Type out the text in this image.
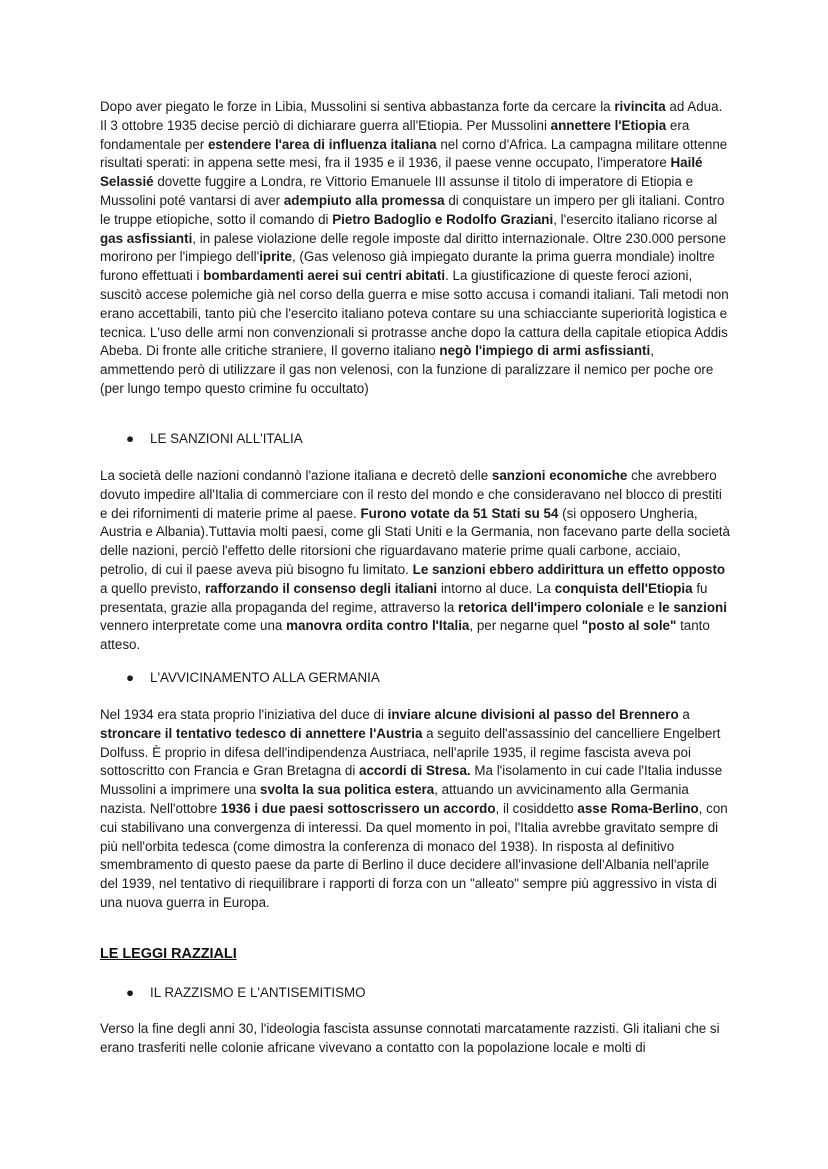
Dopo aver piegato le forze in Libia, Mussolini si sentiva abbastanza forte da cercare la rivincita ad Adua. Il 3 ottobre 1935 decise perciò di dichiarare guerra all'Etiopia. Per Mussolini annettere l'Etiopia era fondamentale per estendere l'area di influenza italiana nel corno d'Africa. La campagna militare ottenne risultati sperati: in appena sette mesi, fra il 1935 e il 1936, il paese venne occupato, l'imperatore Hailé Selassié dovette fuggire a Londra, re Vittorio Emanuele III assunse il titolo di imperatore di Etiopia e Mussolini poté vantarsi di aver adempiuto alla promessa di conquistare un impero per gli italiani. Contro le truppe etiopiche, sotto il comando di Pietro Badoglio e Rodolfo Graziani, l'esercito italiano ricorse al gas asfissianti, in palese violazione delle regole imposte dal diritto internazionale. Oltre 230.000 persone morirono per l'impiego dell'iprite, (Gas velenoso già impiegato durante la prima guerra mondiale) inoltre furono effettuati i bombardamenti aerei sui centri abitati. La giustificazione di queste feroci azioni, suscitò accese polemiche già nel corso della guerra e mise sotto accusa i comandi italiani. Tali metodi non erano accettabili, tanto più che l'esercito italiano poteva contare su una schiacciante superiorità logistica e tecnica. L'uso delle armi non convenzionali si protrasse anche dopo la cattura della capitale etiopica Addis Abeba. Di fronte alle critiche straniere, Il governo italiano negò l'impiego di armi asfissianti, ammettendo però di utilizzare il gas non velenosi, con la funzione di paralizzare il nemico per poche ore (per lungo tempo questo crimine fu occultato)

● LE SANZIONI ALL'ITALIA

La società delle nazioni condannò l'azione italiana e decretò delle sanzioni economiche che avrebbero dovuto impedire all'Italia di commerciare con il resto del mondo e che consideravano nel blocco di prestiti e dei rifornimenti di materie prime al paese. Furono votate da 51 Stati su 54 (si opposero Ungheria, Austria e Albania).Tuttavia molti paesi, come gli Stati Uniti e la Germania, non facevano parte della società delle nazioni, perciò l'effetto delle ritorsioni che riguardavano materie prime quali carbone, acciaio, petrolio, di cui il paese aveva più bisogno fu limitato. Le sanzioni ebbero addirittura un effetto opposto a quello previsto, rafforzando il consenso degli italiani intorno al duce. La conquista dell'Etiopia fu presentata, grazie alla propaganda del regime, attraverso la retorica dell'impero coloniale e le sanzioni vennero interpretate come una manovra ordita contro l'Italia, per negarne quel "posto al sole" tanto atteso.

● L'AVVICINAMENTO ALLA GERMANIA

Nel 1934 era stata proprio l'iniziativa del duce di inviare alcune divisioni al passo del Brennero a stroncare il tentativo tedesco di annettere l'Austria a seguito dell'assassinio del cancelliere Engelbert Dolfuss. È proprio in difesa dell'indipendenza Austriaca, nell'aprile 1935, il regime fascista aveva poi sottoscritto con Francia e Gran Bretagna di accordi di Stresa. Ma l'isolamento in cui cade l'Italia indusse Mussolini a imprimere una svolta la sua politica estera, attuando un avvicinamento alla Germania nazista. Nell'ottobre 1936 i due paesi sottoscrissero un accordo, il cosiddetto asse Roma-Berlino, con cui stabilivano una convergenza di interessi. Da quel momento in poi, l'Italia avrebbe gravitato sempre di più nell'orbita tedesca (come dimostra la conferenza di monaco del 1938). In risposta al definitivo smembramento di questo paese da parte di Berlino il duce decidere all'invasione dell'Albania nell'aprile del 1939, nel tentativo di riequilibrare i rapporti di forza con un "alleato" sempre più aggressivo in vista di una nuova guerra in Europa.

LE LEGGI RAZZIALI

● IL RAZZISMO E L'ANTISEMITISMO

Verso la fine degli anni 30, l'ideologia fascista assunse connotati marcatamente razzisti. Gli italiani che si erano trasferiti nelle colonie africane vivevano a contatto con la popolazione locale e molti di
